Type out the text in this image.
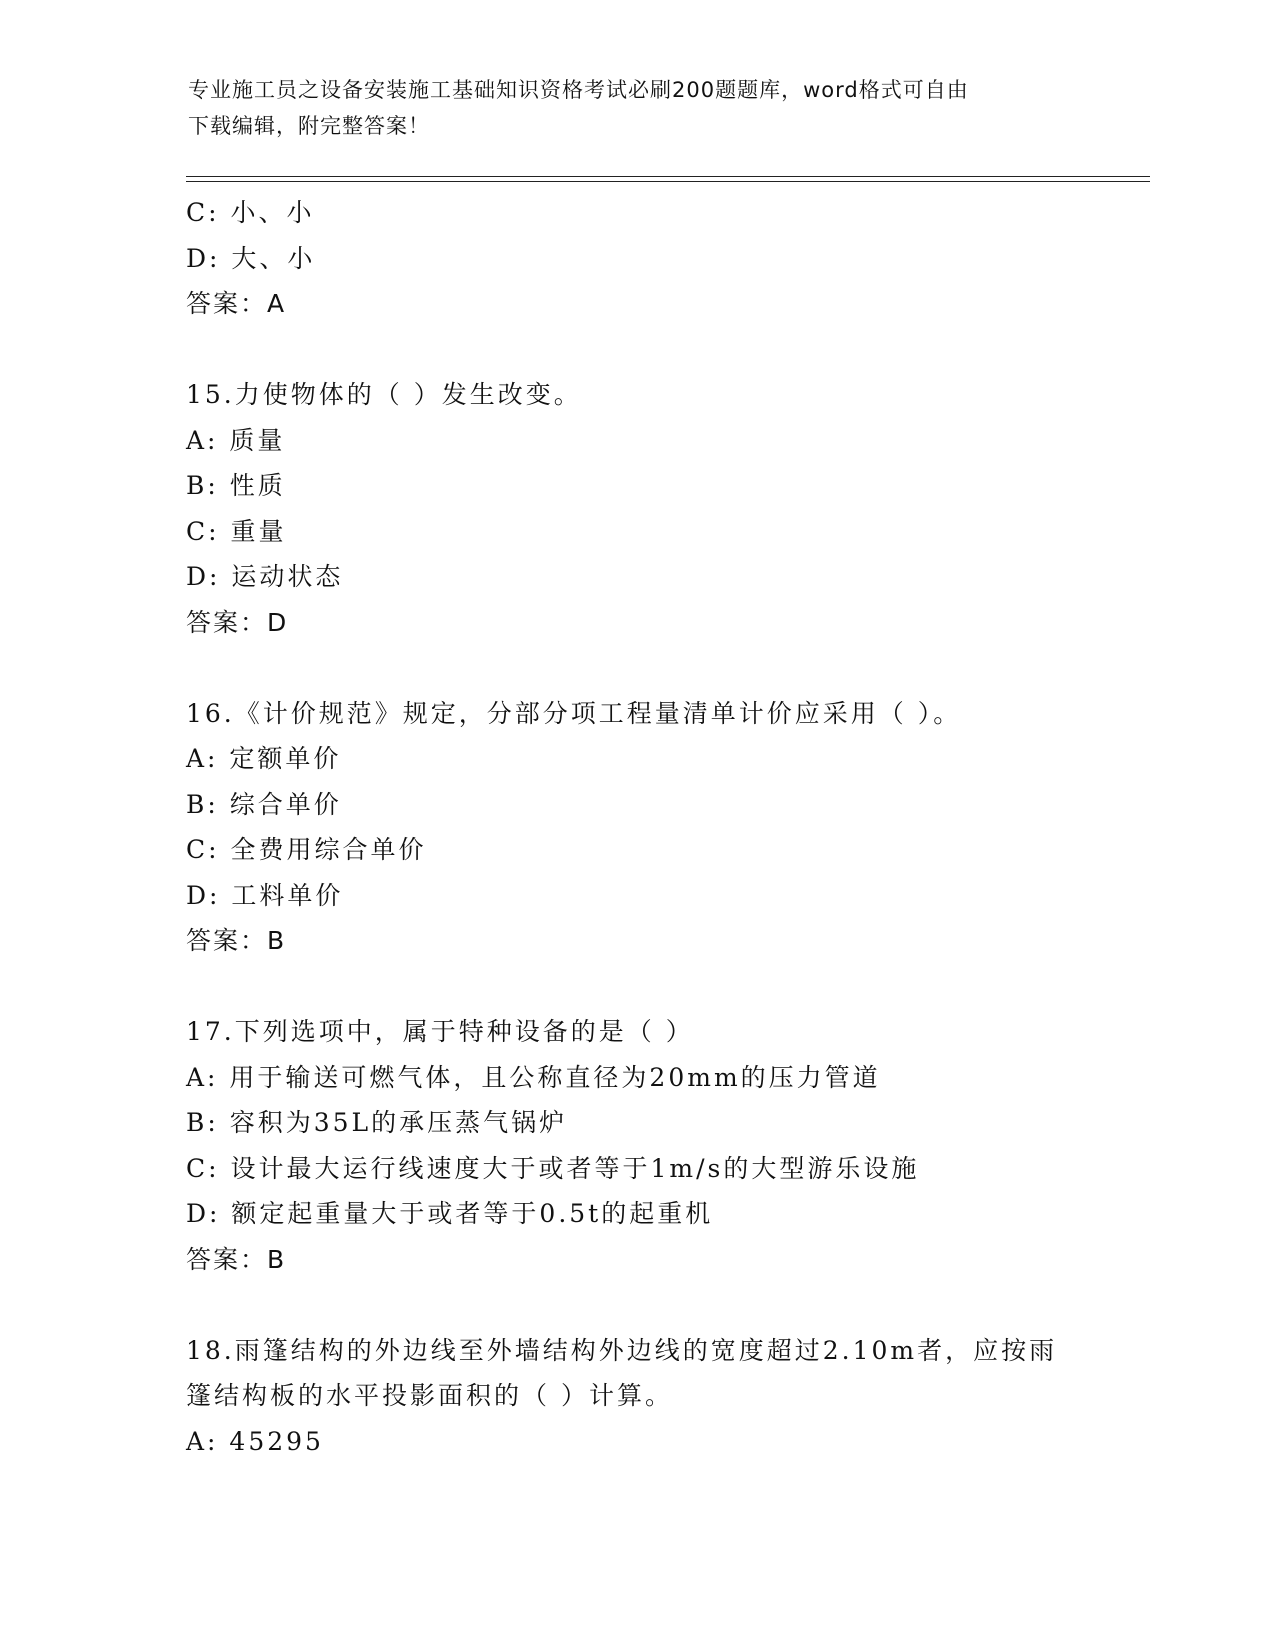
专业施工员之设备安装施工基础知识资格考试必刷200题题库，word格式可自由
下载编辑，附完整答案！
C: 小、小
D: 大、小
答案：A
15.力使物体的（ ）发生改变。
A: 质量
B: 性质
C: 重量
D: 运动状态
答案：D
16.《计价规范》规定，分部分项工程量清单计价应采用（ ）。
A: 定额单价
B: 综合单价
C: 全费用综合单价
D: 工料单价
答案：B
17.下列选项中，属于特种设备的是（ ）
A: 用于输送可燃气体，且公称直径为20mm的压力管道
B: 容积为35L的承压蒸气锅炉
C: 设计最大运行线速度大于或者等于1m/s的大型游乐设施
D: 额定起重量大于或者等于0.5t的起重机
答案：B
18.雨篷结构的外边线至外墙结构外边线的宽度超过2.10m者，应按雨
篷结构板的水平投影面积的（ ）计算。
A: 45295
